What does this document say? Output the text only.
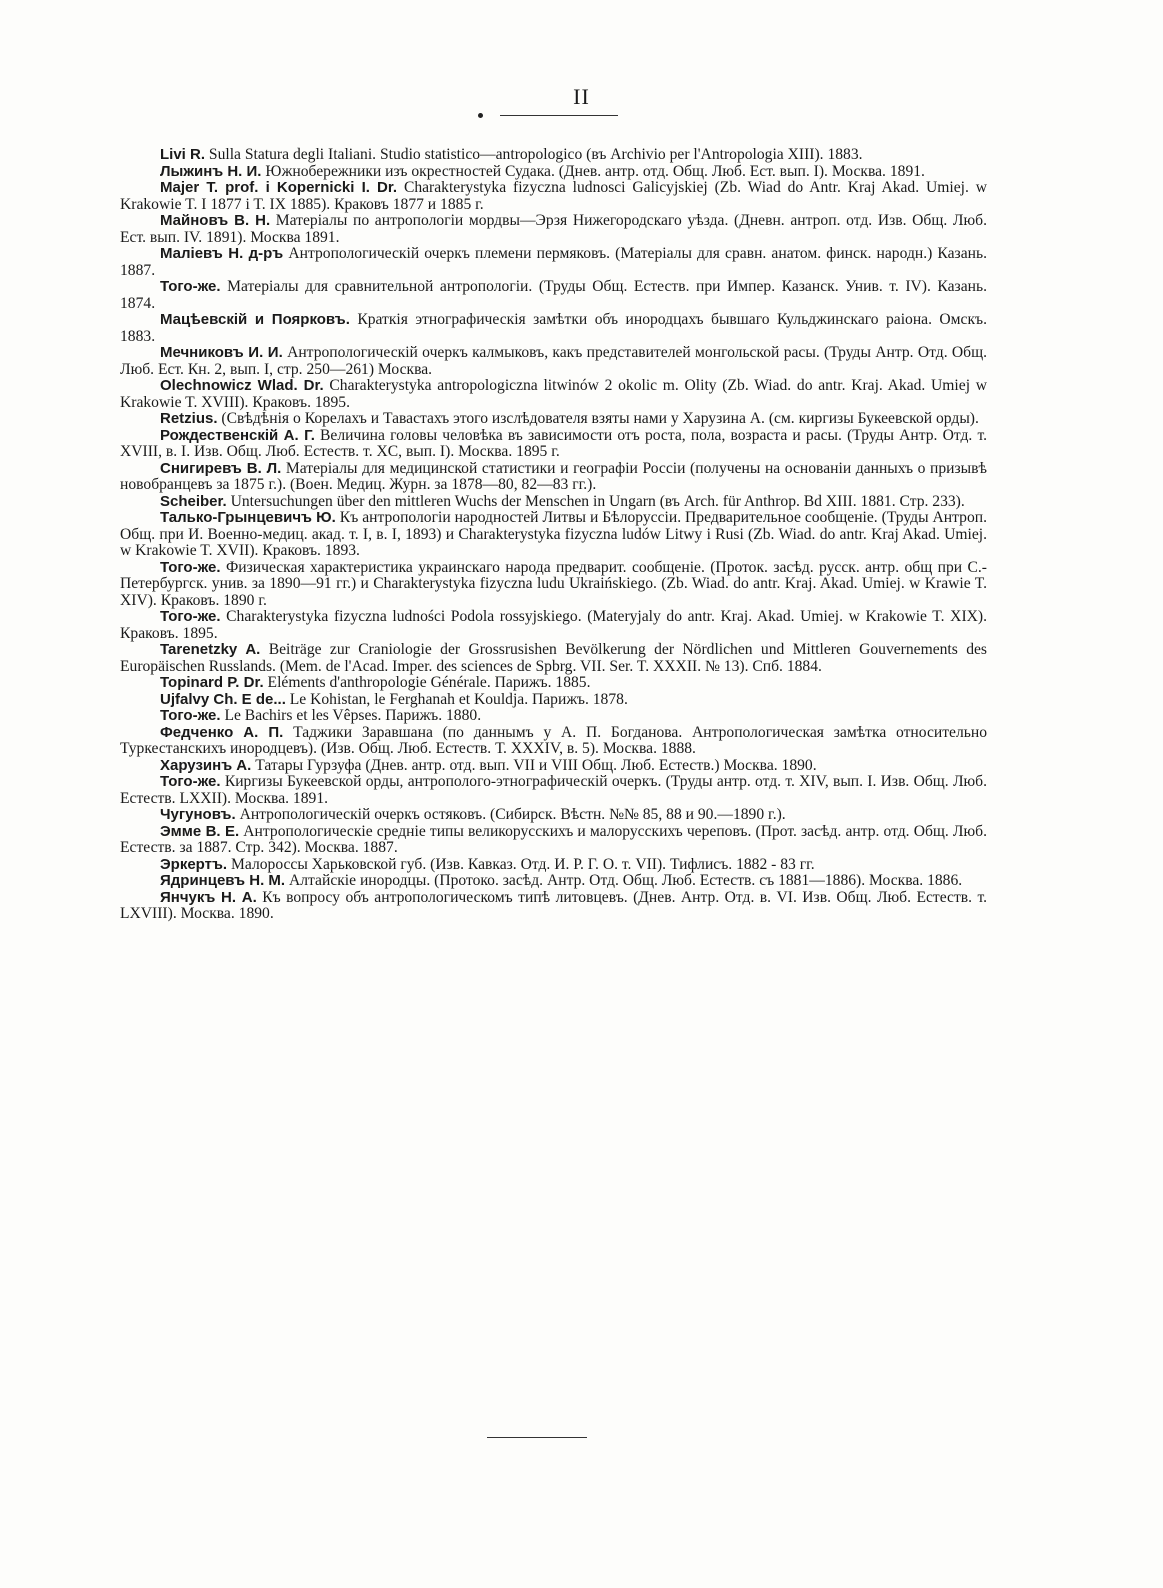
II

Livi R. Sulla Statura degli Italiani. Studio statistico—antropologico (въ Archivio per l'Antropologia XIII). 1883.

Лыжинъ Н. И. Южнобережники изъ окрестностей Судака. (Днев. антр. отд. Общ. Люб. Ест. вып. I). Москва. 1891.

Majer T. prof. i Kopernicki I. Dr. Charakterystyka fizyczna ludnosci Galicyjskiej (Zb. Wiad do Antr. Kraj Akad. Umiej. w Krakowie T. I 1877 i T. IX 1885). Краковъ 1877 и 1885 г.

Майновъ В. Н. Матеріалы по антропологіи мордвы—Эрзя Нижегородскаго уѣзда. (Дневн. антроп. отд. Изв. Общ. Люб. Ест. вып. IV. 1891). Москва 1891.

Малiевъ Н. д-ръ Антропологическій очеркъ племени пермяковъ. (Матеріалы для сравн. анатом. финск. народн.) Казань. 1887.

Того-же. Матеріалы для сравнительной антропологіи. (Труды Общ. Естеств. при Импер. Казанск. Унив. т. IV). Казань. 1874.

Мацѣевскій и Поярковъ. Краткія этнографическія замѣтки объ инородцахъ бывшаго Кульджинскаго раіона. Омскъ. 1883.

Мечниковъ И. И. Антропологическій очеркъ калмыковъ, какъ представителей монгольской расы. (Труды Антр. Отд. Общ. Люб. Ест. Кн. 2, вып. I, стр. 250—261) Москва.

Olechnowicz Wlad. Dr. Charakterystyka antropologiczna litwinów 2 okolic m. Olity (Zb. Wiad. do antr. Kraj. Akad. Umiej w Krakowie T. XVIII). Краковъ. 1895.

Retzius. (Свѣдѣнія о Корелахъ и Тавастахъ этого изслѣдователя взяты нами у Харузина А. (см. киргизы Букеевской орды).

Рождественскій А. Г. Величина головы человѣка въ зависимости отъ роста, пола, возраста и расы. (Труды Антр. Отд. т. XVIII, в. I. Изв. Общ. Люб. Естеств. т. XC, вып. I). Москва. 1895 г.

Снигиревъ В. Л. Матеріалы для медицинской статистики и географіи Россіи (получены на основаніи данныхъ о призывѣ новобранцевъ за 1875 г.). (Воен. Медиц. Журн. за 1878—80, 82—83 гг.).

Scheiber. Untersuchungen über den mittleren Wuchs der Menschen in Ungarn (въ Arch. für Anthrop. Bd XIII. 1881. Стр. 233).

Талько-Грынцевичъ Ю. Къ антропологіи народностей Литвы и Бѣлоруссіи. Предварительное сообщеніе. (Труды Антроп. Общ. при И. Военно-медиц. акад. т. I, в. I, 1893) и Charakterystyka fizyczna ludów Litwy i Rusi (Zb. Wiad. do antr. Kraj Akad. Umiej. w Krakowie T. XVII). Краковъ. 1893.

Того-же. Физическая характеристика украинскаго народа предварит. сообщеніе. (Проток. засѣд. русск. антр. общ при С.-Петербургск. унив. за 1890—91 гг.) и Charakterystyka fizyczna ludu Ukraińskiego. (Zb. Wiad. do antr. Kraj. Akad. Umiej. w Krawie T. XIV). Краковъ. 1890 г.

Того-же. Charakterystyka fizyczna ludności Podola rossyjskiego. (Materyjaly do antr. Kraj. Akad. Umiej. w Krakowie T. XIX). Краковъ. 1895.

Tarenetzky A. Beiträge zur Craniologie der Grossrusishen Bevölkerung der Nördlichen und Mittleren Gouvernements des Europäischen Russlands. (Mem. de l'Acad. Imper. des sciences de Spbrg. VII. Ser. T. XXXII. № 13). Спб. 1884.

Topinard P. Dr. Eléments d'anthropologie Générale. Парижъ. 1885.

Ujfalvy Ch. E de... Le Kohistan, le Ferghanah et Kouldja. Парижъ. 1878.

Того-же. Le Bachirs et les Vêpses. Парижъ. 1880.

Федченко А. П. Таджики Заравшана (по даннымъ у А. П. Богданова. Антропологическая замѣтка относительно Туркестанскихъ инородцевъ). (Изв. Общ. Люб. Естеств. Т. XXXIV, в. 5). Москва. 1888.

Харузинъ А. Татары Гурзуфа (Днев. антр. отд. вып. VII и VIII Общ. Люб. Естеств.) Москва. 1890.

Того-же. Киргизы Букеевской орды, антрополого-этнографическій очеркъ. (Труды антр. отд. т. XIV, вып. I. Изв. Общ. Люб. Естеств. LXXII). Москва. 1891.

Чугуновъ. Антропологическій очеркъ остяковъ. (Сибирск. Вѣстн. №№ 85, 88 и 90.—1890 г.).

Эмме В. Е. Антропологическіе средніе типы великорусскихъ и малорусскихъ череповъ. (Прот. засѣд. антр. отд. Общ. Люб. Естеств. за 1887. Стр. 342). Москва. 1887.

Эркертъ. Малороссы Харьковской губ. (Изв. Кавказ. Отд. И. Р. Г. О. т. VII). Тифлисъ. 1882 - 83 гг.

Ядринцевъ Н. М. Алтайскіе инородцы. (Протоко. засѣд. Антр. Отд. Общ. Люб. Естеств. съ 1881—1886). Москва. 1886.

Янчукъ Н. А. Къ вопросу объ антропологическомъ типѣ литовцевъ. (Днев. Антр. Отд. в. VI. Изв. Общ. Люб. Естеств. т. LXVIII). Москва. 1890.
